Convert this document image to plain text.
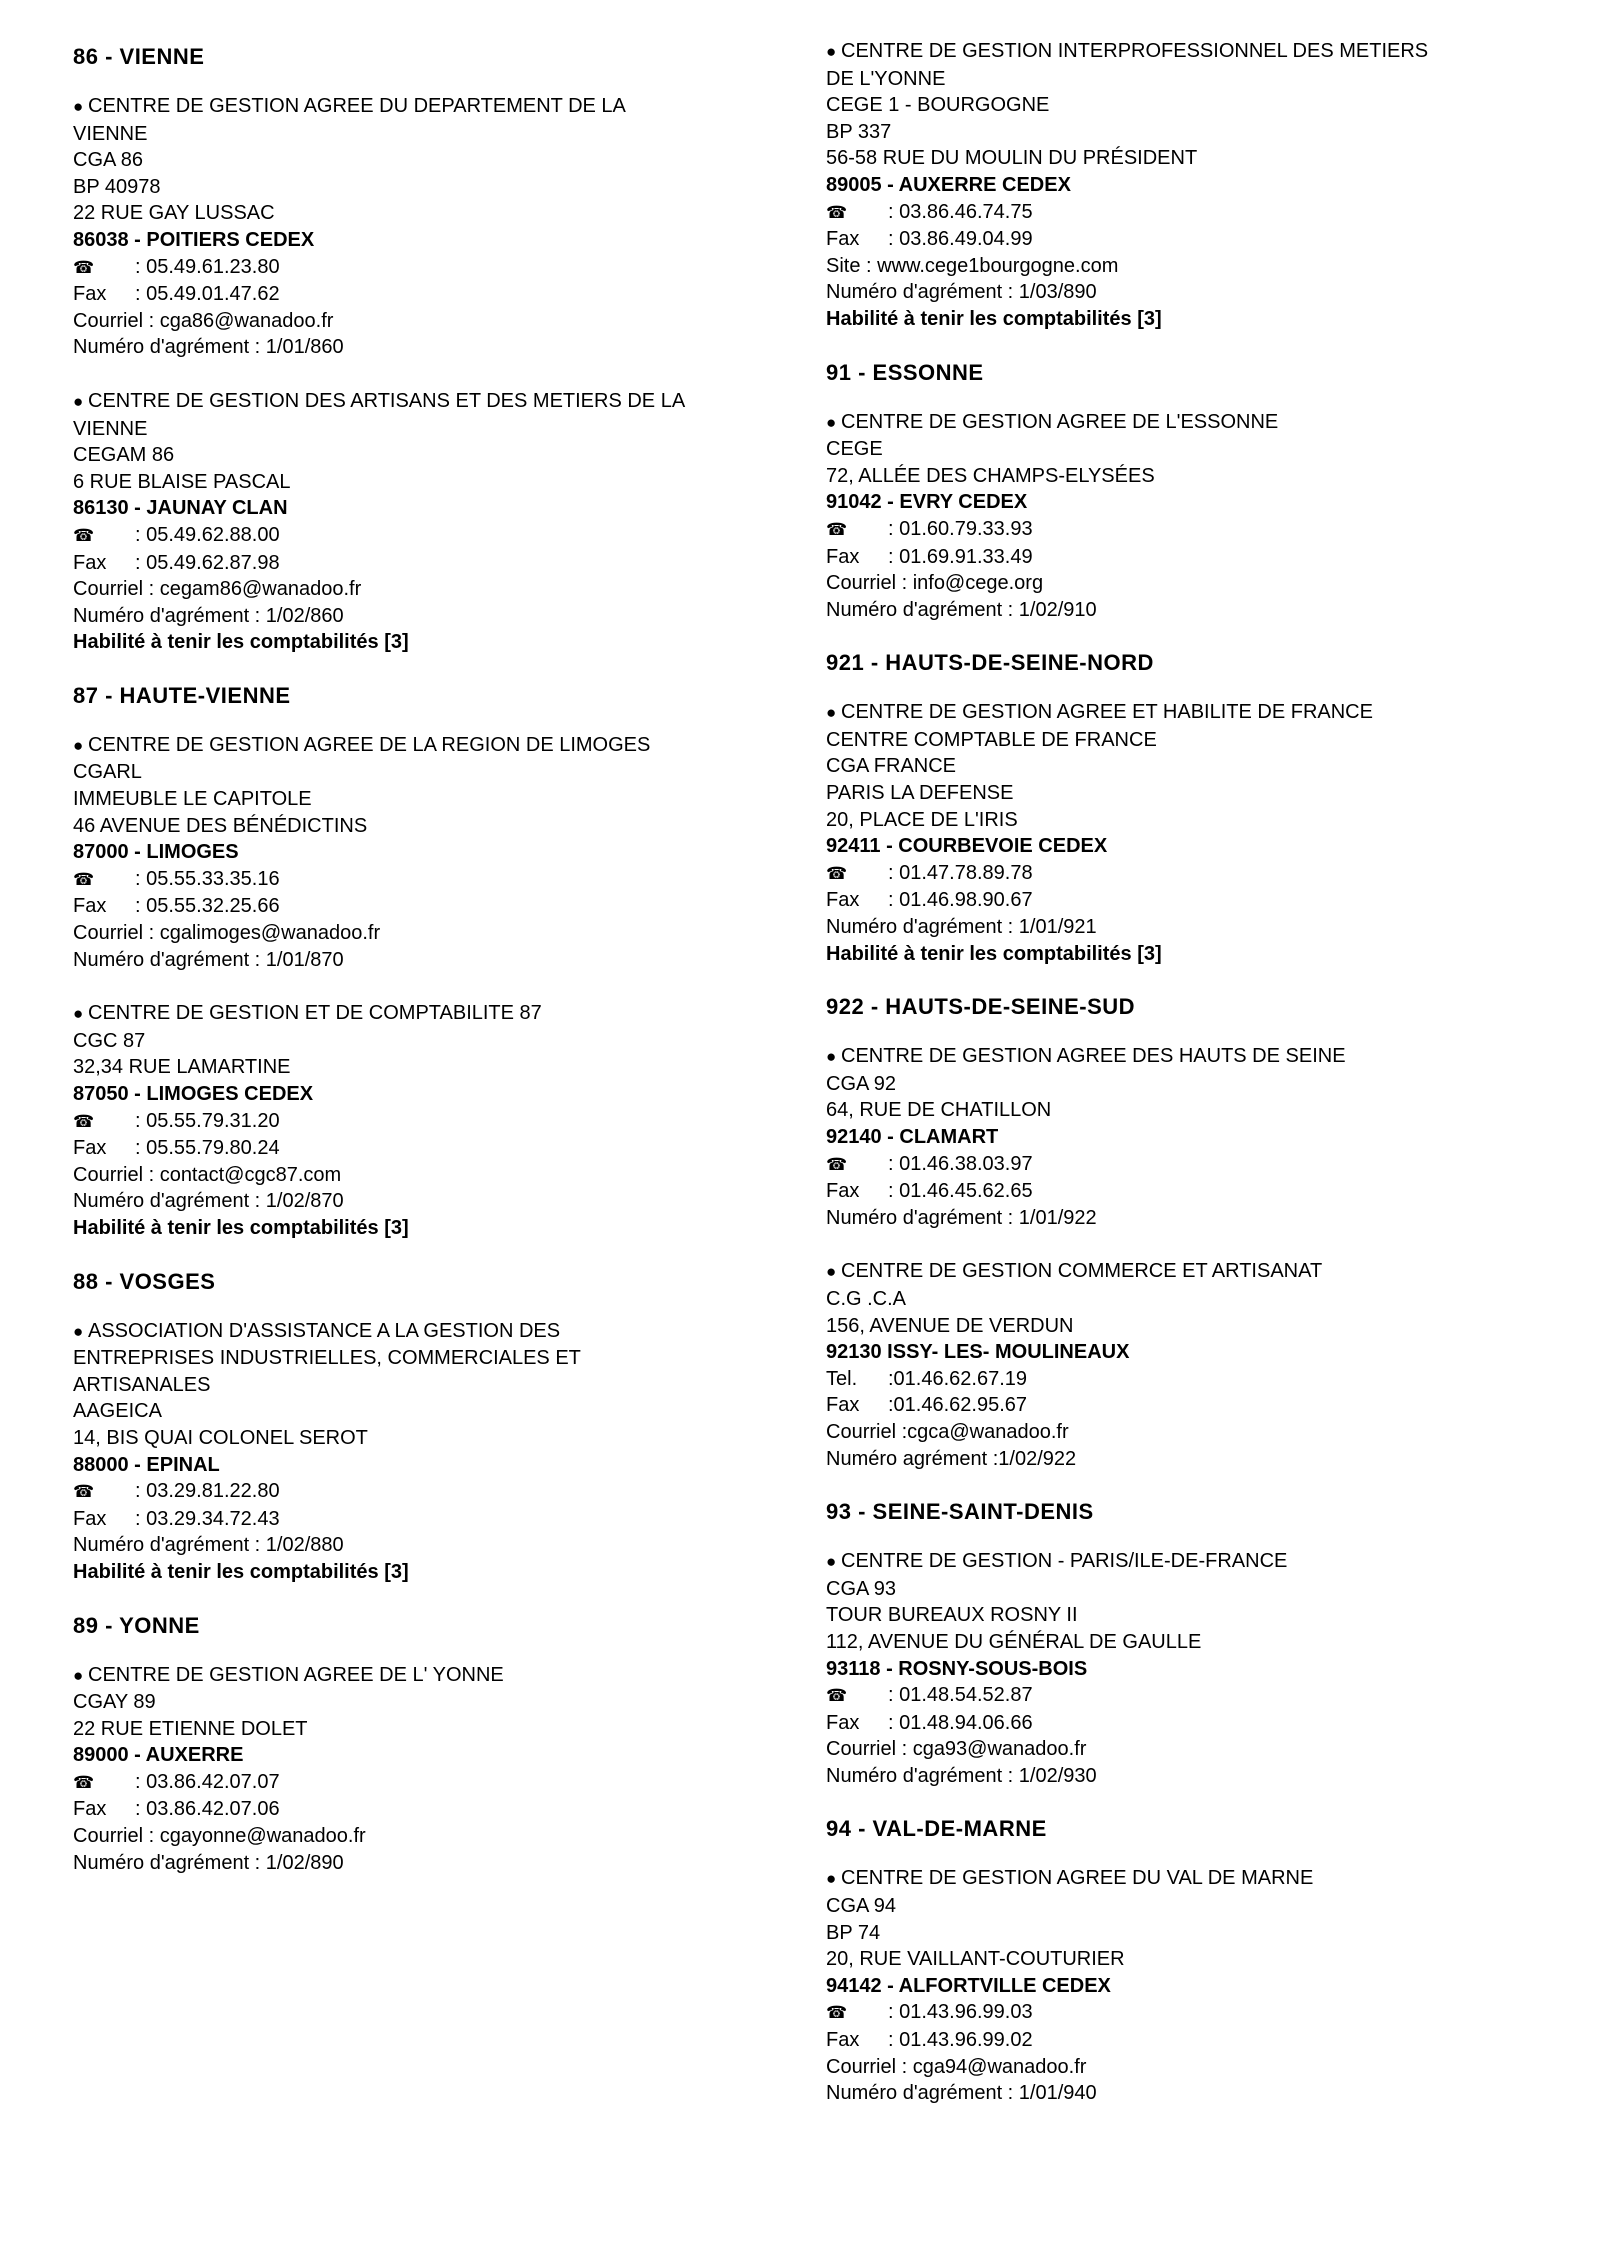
86 - VIENNE
● CENTRE DE GESTION AGREE DU DEPARTEMENT DE LA
VIENNE
CGA 86
BP 40978
22 RUE GAY LUSSAC
86038 - POITIERS CEDEX
☎ : 05.49.61.23.80
Fax : 05.49.01.47.62
Courriel : cga86@wanadoo.fr
Numéro d'agrément : 1/01/860
● CENTRE DE GESTION DES ARTISANS ET DES METIERS DE LA
VIENNE
CEGAM 86
6 RUE BLAISE PASCAL
86130 - JAUNAY CLAN
☎ : 05.49.62.88.00
Fax : 05.49.62.87.98
Courriel : cegam86@wanadoo.fr
Numéro d'agrément : 1/02/860
Habilité à tenir les comptabilités [3]
87 - HAUTE-VIENNE
● CENTRE DE GESTION AGREE DE LA REGION DE LIMOGES
CGARL
IMMEUBLE LE CAPITOLE
46 AVENUE DES BÉNÉDICTINS
87000 - LIMOGES
☎ : 05.55.33.35.16
Fax : 05.55.32.25.66
Courriel : cgalimoges@wanadoo.fr
Numéro d'agrément : 1/01/870
● CENTRE DE GESTION ET DE COMPTABILITE 87
CGC 87
32,34 RUE LAMARTINE
87050 - LIMOGES CEDEX
☎ : 05.55.79.31.20
Fax : 05.55.79.80.24
Courriel : contact@cgc87.com
Numéro d'agrément : 1/02/870
Habilité à tenir les comptabilités [3]
88 - VOSGES
● ASSOCIATION D'ASSISTANCE A LA GESTION DES
ENTREPRISES INDUSTRIELLES, COMMERCIALES ET
ARTISANALES
AAGEICA
14, BIS QUAI COLONEL SEROT
88000 - EPINAL
☎ : 03.29.81.22.80
Fax : 03.29.34.72.43
Numéro d'agrément : 1/02/880
Habilité à tenir les comptabilités [3]
89 - YONNE
● CENTRE DE GESTION AGREE DE L' YONNE
CGAY 89
22 RUE ETIENNE DOLET
89000 - AUXERRE
☎ : 03.86.42.07.07
Fax : 03.86.42.07.06
Courriel : cgayonne@wanadoo.fr
Numéro d'agrément : 1/02/890
● CENTRE DE GESTION INTERPROFESSIONNEL DES METIERS
DE L'YONNE
CEGE 1 - BOURGOGNE
BP 337
56-58 RUE DU MOULIN DU PRÉSIDENT
89005 - AUXERRE CEDEX
☎ : 03.86.46.74.75
Fax : 03.86.49.04.99
Site : www.cege1bourgogne.com
Numéro d'agrément : 1/03/890
Habilité à tenir les comptabilités [3]
91 - ESSONNE
● CENTRE DE GESTION AGREE DE L'ESSONNE
CEGE
72, ALLÉE DES CHAMPS-ELYSÉES
91042 - EVRY CEDEX
☎ : 01.60.79.33.93
Fax : 01.69.91.33.49
Courriel : info@cege.org
Numéro d'agrément : 1/02/910
921 - HAUTS-DE-SEINE-NORD
● CENTRE DE GESTION AGREE ET HABILITE DE FRANCE
CENTRE COMPTABLE DE FRANCE
CGA FRANCE
PARIS LA DEFENSE
20, PLACE DE L'IRIS
92411 - COURBEVOIE CEDEX
☎ : 01.47.78.89.78
Fax : 01.46.98.90.67
Numéro d'agrément : 1/01/921
Habilité à tenir les comptabilités [3]
922 - HAUTS-DE-SEINE-SUD
● CENTRE DE GESTION AGREE DES HAUTS DE SEINE
CGA 92
64, RUE DE CHATILLON
92140 - CLAMART
☎ : 01.46.38.03.97
Fax : 01.46.45.62.65
Numéro d'agrément : 1/01/922
● CENTRE DE GESTION COMMERCE ET ARTISANAT
C.G .C.A
156, AVENUE DE VERDUN
92130 ISSY- LES- MOULINEAUX
Tel. :01.46.62.67.19
Fax :01.46.62.95.67
Courriel :cgca@wanadoo.fr
Numéro agrément :1/02/922
93 - SEINE-SAINT-DENIS
● CENTRE DE GESTION - PARIS/ILE-DE-FRANCE
CGA 93
TOUR BUREAUX ROSNY II
112, AVENUE DU GÉNÉRAL DE GAULLE
93118 - ROSNY-SOUS-BOIS
☎ : 01.48.54.52.87
Fax : 01.48.94.06.66
Courriel : cga93@wanadoo.fr
Numéro d'agrément : 1/02/930
94 - VAL-DE-MARNE
● CENTRE DE GESTION AGREE DU VAL DE MARNE
CGA 94
BP 74
20, RUE VAILLANT-COUTURIER
94142 - ALFORTVILLE CEDEX
☎ : 01.43.96.99.03
Fax : 01.43.96.99.02
Courriel : cga94@wanadoo.fr
Numéro d'agrément : 1/01/940
